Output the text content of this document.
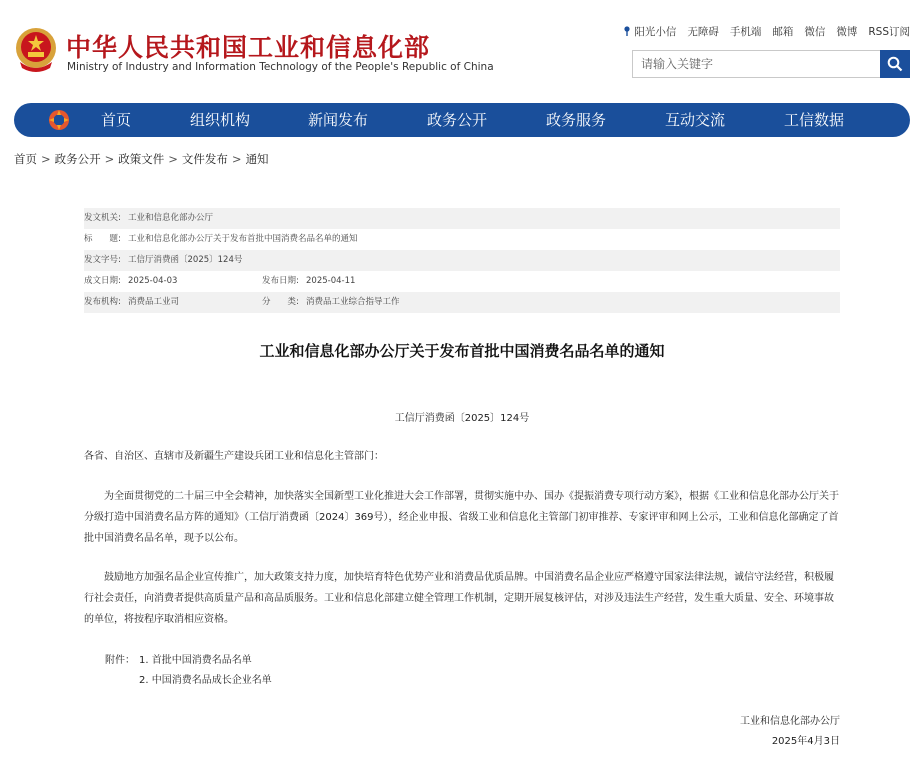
中华人民共和国工业和信息化部
Ministry of Industry and Information Technology of the People's Republic of China
阳光小信 无障碍 手机端 邮箱 微信 微博 RSS订阅
请输入关键字
首页	组织机构	新闻发布	政务公开	政务服务	互动交流	工信数据
首页 > 政务公开 > 政策文件 > 文件发布 > 通知
发文机关: 工业和信息化部办公厅
标　　题: 工业和信息化部办公厅关于发布首批中国消费名品名单的通知
发文字号: 工信厅消费函〔2025〕124号
成文日期: 2025-04-03	发布日期: 2025-04-11
发布机构: 消费品工业司	分　　类: 消费品工业综合指导工作
工业和信息化部办公厅关于发布首批中国消费名品名单的通知
工信厅消费函〔2025〕124号
各省、自治区、直辖市及新疆生产建设兵团工业和信息化主管部门：
为全面贯彻党的二十届三中全会精神，加快落实全国新型工业化推进大会工作部署，贯彻实施中办、国办《提振消费专项行动方案》，根据《工业和信息化部办公厅关于分级打造中国消费名品方阵的通知》（工信厅消费函〔2024〕369号），经企业申报、省级工业和信息化主管部门初审推荐、专家评审和网上公示，工业和信息化部确定了首批中国消费名品名单，现予以公布。
鼓励地方加强名品企业宣传推广，加大政策支持力度，加快培育特色优势产业和消费品优质品牌。中国消费名品企业应严格遵守国家法律法规，诚信守法经营，积极履行社会责任，向消费者提供高质量产品和高品质服务。工业和信息化部建立健全管理工作机制，定期开展复核评估，对涉及违法生产经营，发生重大质量、安全、环境事故的单位，将按程序取消相应资格。
附件： 1. 首批中国消费名品名单
2. 中国消费名品成长企业名单
工业和信息化部办公厅
2025年4月3日
